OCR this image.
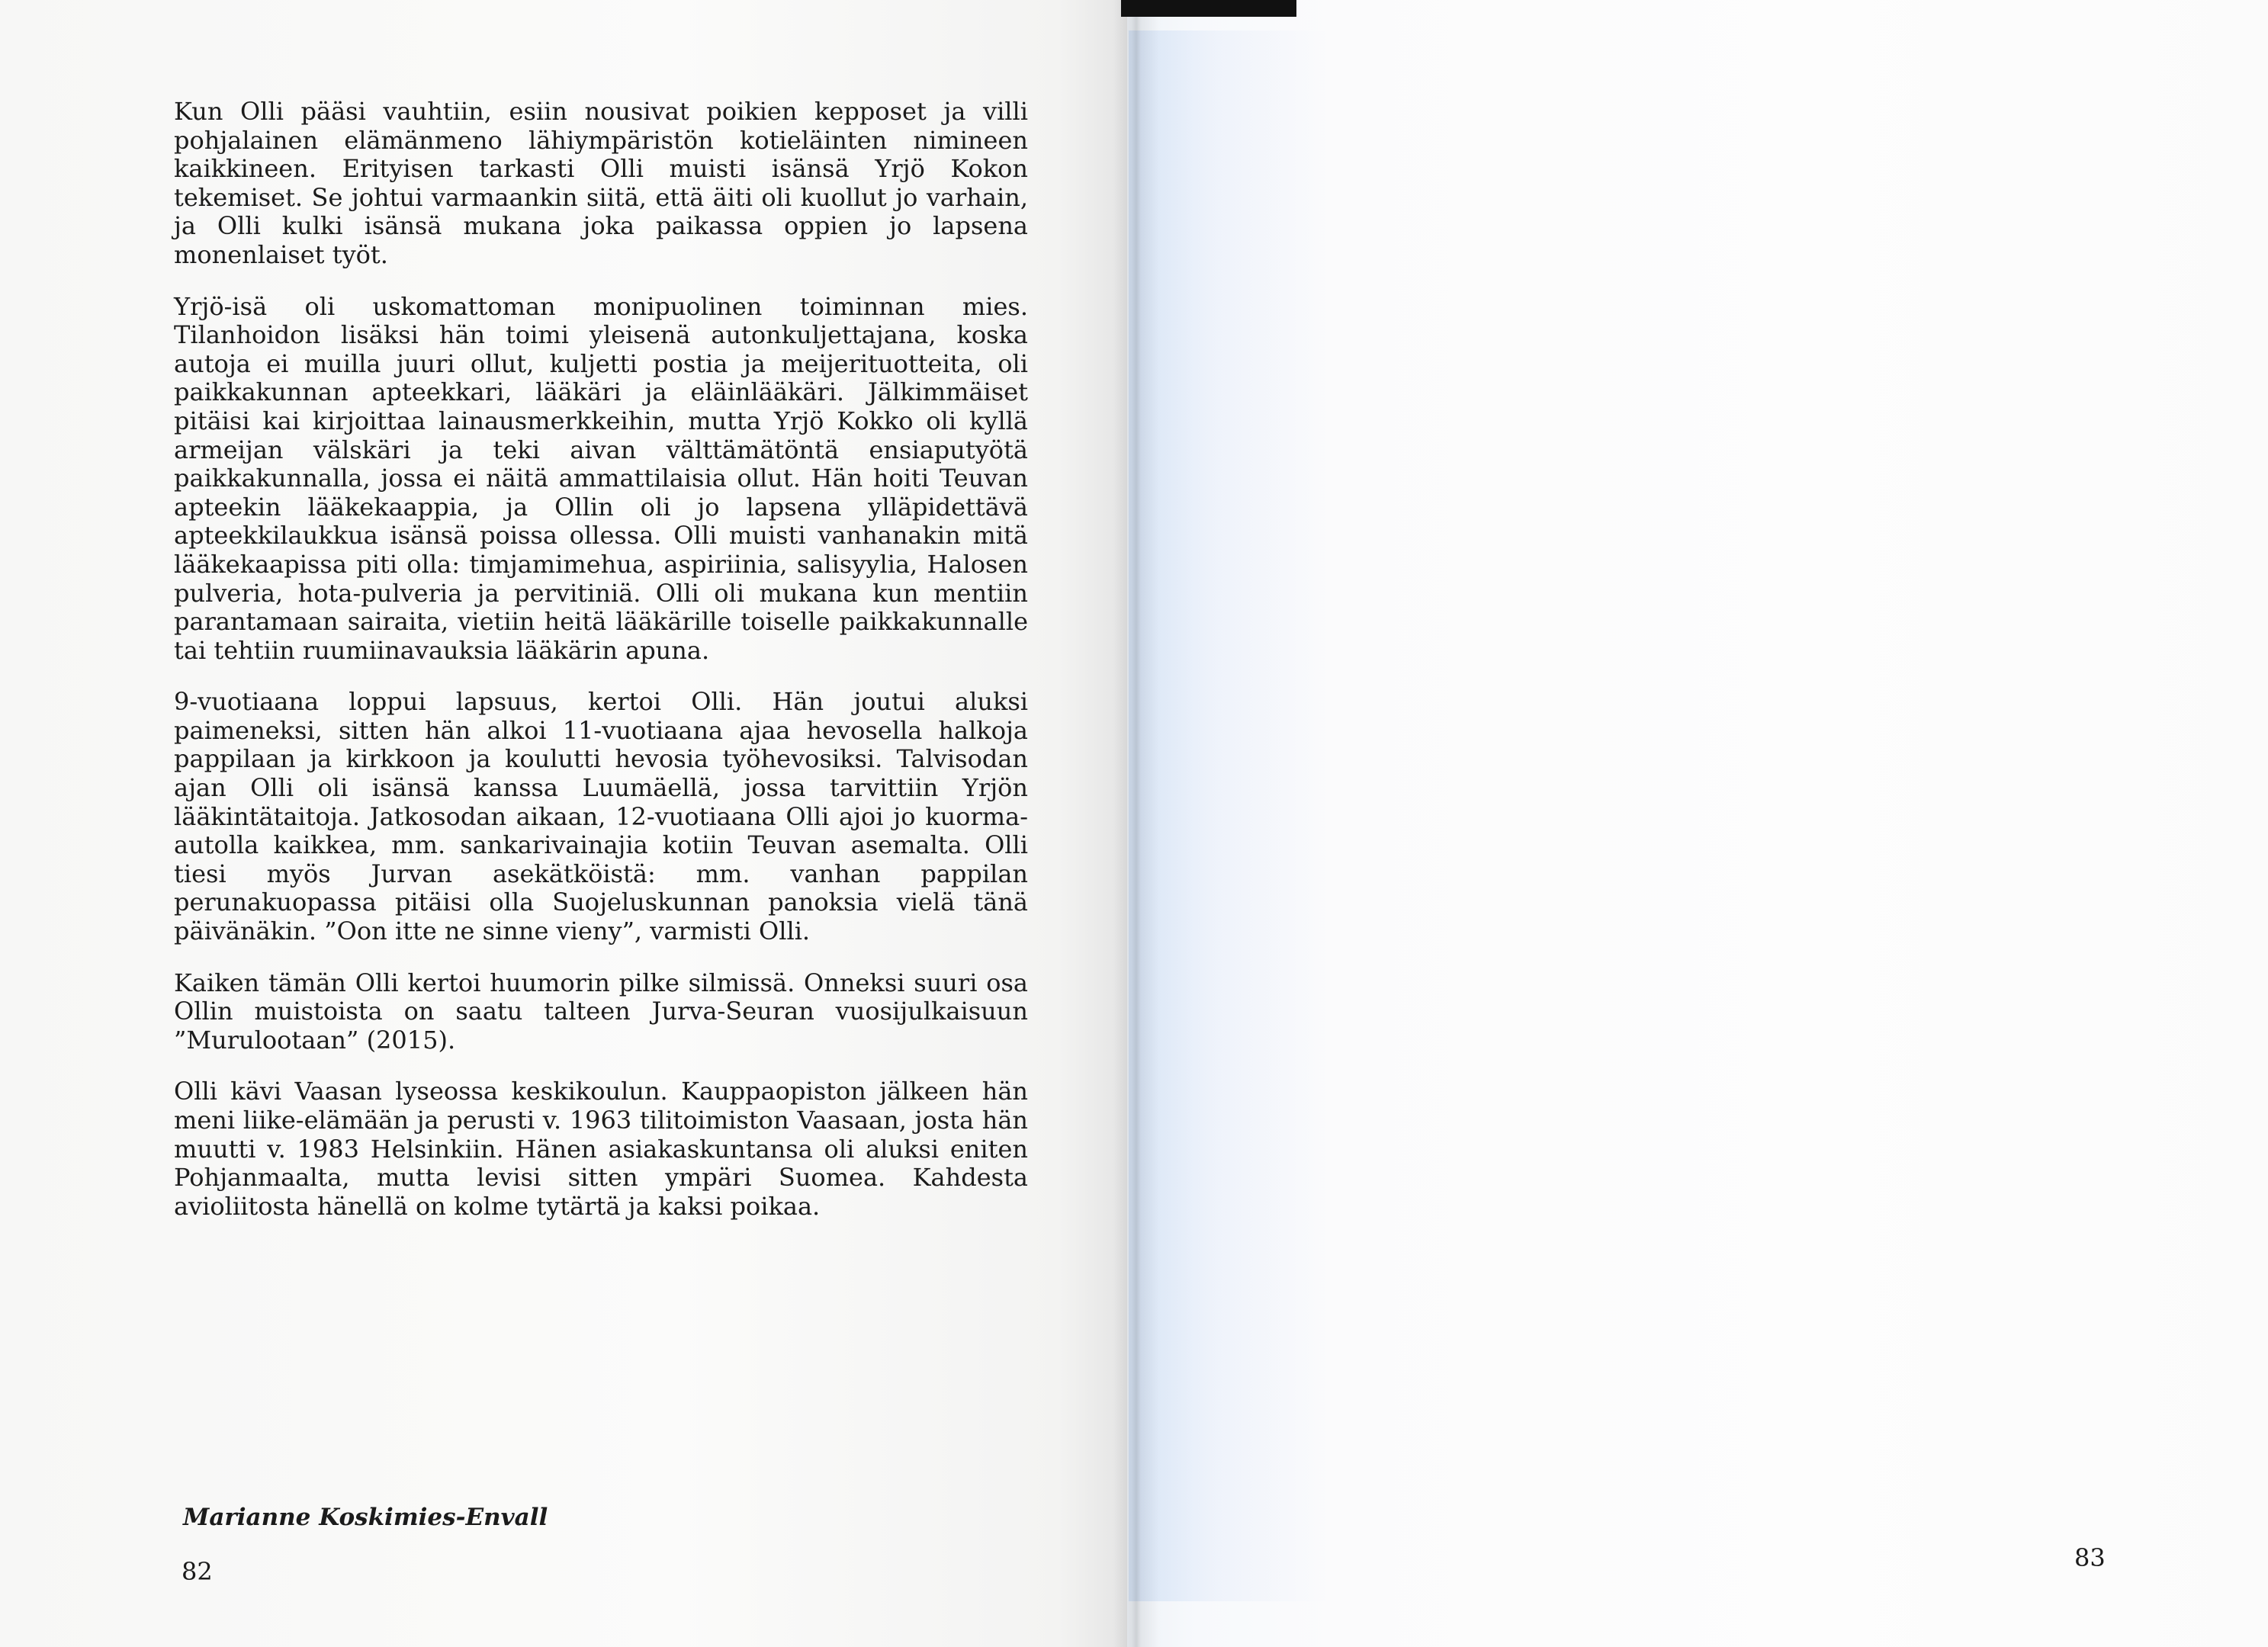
Kun Olli pääsi vauhtiin, esiin nousivat poikien kepposet ja villi pohjalainen elämänmeno lähiympäristön kotieläinten nimineen kaikkineen. Erityisen tarkasti Olli muisti isänsä Yrjö Kokon tekemiset. Se johtui varmaankin siitä, että äiti oli kuollut jo varhain, ja Olli kulki isänsä mukana joka paikassa oppien jo lapsena monenlaiset työt.

Yrjö-isä oli uskomattoman monipuolinen toiminnan mies. Tilanhoidon lisäksi hän toimi yleisenä autonkuljettajana, koska autoja ei muilla juuri ollut, kuljetti postia ja meijerituotteita, oli paikkakunnan apteekkari, lääkäri ja eläinlääkäri. Jälkimmäiset pitäisi kai kirjoittaa lainausmerkkeihin, mutta Yrjö Kokko oli kyllä armeijan välskäri ja teki aivan välttämätöntä ensiaputyötä paikkakunnalla, jossa ei näitä ammattilaisia ollut. Hän hoiti Teuvan apteekin lääkekaappia, ja Ollin oli jo lapsena ylläpidettävä apteekkilaukkua isänsä poissa ollessa. Olli muisti vanhanakin mitä lääkekaapissa piti olla: timjamimehua, aspiriinia, salisyylia, Halosen pulveria, hota-pulveria ja pervitiniä. Olli oli mukana kun mentiin parantamaan sairaita, vietiin heitä lääkärille toiselle paikkakunnalle tai tehtiin ruumiinavauksia lääkärin apuna.

9-vuotiaana loppui lapsuus, kertoi Olli. Hän joutui aluksi paimeneksi, sitten hän alkoi 11-vuotiaana ajaa hevosella halkoja pappilaan ja kirkkoon ja koulutti hevosia työhevosiksi. Talvisodan ajan Olli oli isänsä kanssa Luumäellä, jossa tarvittiin Yrjön lääkintätaitoja. Jatkosodan aikaan, 12-vuotiaana Olli ajoi jo kuorma-autolla kaikkea, mm. sankarivainajia kotiin Teuvan asemalta. Olli tiesi myös Jurvan asekätköistä: mm. vanhan pappilan perunakuopassa pitäisi olla Suojeluskunnan panoksia vielä tänä päivänäkin. ”Oon itte ne sinne vieny”, varmisti Olli.

Kaiken tämän Olli kertoi huumorin pilke silmissä. Onneksi suuri osa Ollin muistoista on saatu talteen Jurva-Seuran vuosijulkaisuun ”Murulootaan” (2015).

Olli kävi Vaasan lyseossa keskikoulun. Kauppaopiston jälkeen hän meni liike-elämään ja perusti v. 1963 tilitoimiston Vaasaan, josta hän muutti v. 1983 Helsinkiin. Hänen asiakaskuntansa oli aluksi eniten Pohjanmaalta, mutta levisi sitten ympäri Suomea. Kahdesta avioliitosta hänellä on kolme tytärtä ja kaksi poikaa.

Marianne Koskimies-Envall
82	83
